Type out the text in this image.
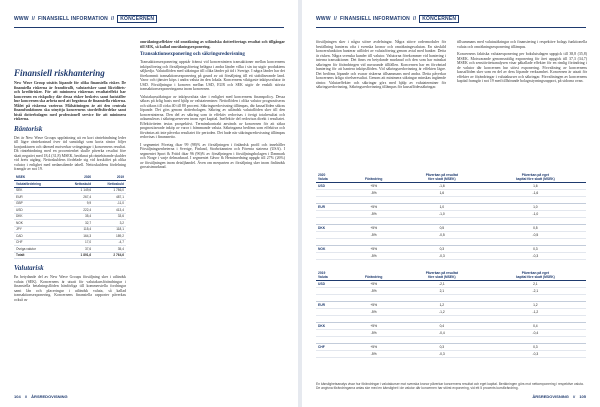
WWW // FINANSIELL INFORMATION //	KONCERNEN
Finansiell riskhantering

New Wave Group utsätts löpande för olika finansiella risker. De finansiella riskerna är framförallt, valutarisker samt likviditets- och kreditrisker. För att minimera riskernas resultateffekt har koncernen en riskpolicy där dessa risker beskrivs samt fastställer hur koncernen ska arbeta med att begränsa de finansiella riskerna. Målet på riskerna varierar. Målsättningen är att den centrala finansfunktionen ska utnyttja koncernens stordriftsfördelar samt bistå dotterbolagen med professionell service för att minimera riskerna.

Räntorisk

Det är New Wave Groups uppfattning att en kort räntebindning leder till lägre räntekostnad över tid samtidigt som korta räntor följer konjunkturen och därmed motverkar svängningar i koncernens resultat. Då räntebindning med en procentenhet skulle påverka resultat före skatt negativt med 18,4 (31,8) MSEK, beräknat på räntebärande skulder vid årets utgång. Nettoskuldens fördelade sig vid årsskiftet på olika valutor i enlighet med nedanstående tabell. Nettoskuldens fördelning framgår av not 19.

MSEK	2020	2019
Valutafördelning	Nettoskuld	Nettoskuld
SEK	1 149,6	1 786,0
EUR	267,4	487,1
GBP	9,9	-11,0
USD	222,4	413,4
DKK	35,4	33,6
NOK	32,7	3,2
JPY	115,4	118,1
CAD	164,3	189,2
CHF	17,0	-4,7
Övriga valutor	37,6	35,4
Totalt	1 891,6	2 764,6
Valutarisk

En betydande del av New Wave Groups försäljning sker i utländsk valuta (SEK). Koncernens är utsatt för valutakursförändringar i finansiella betalningsflöden hänförliga till kommersiella fordringar samt lån och placeringar i utländsk valuta, så kallad transaktionsexponering. Koncernens finansiella rapporter påverkas också av

omräkningseffekter vid omräkning av utländska dotterföretags resultat och tillgångar till SEK, så kallad omräkningsexponering.

Transaktionsexponering och säkringsredovisning

Transaktionsexponering uppstår främst vid koncernintern transaktioner mellan koncernens inköpsföretag och försäljningsföretag belägna i andra länder vilka i sin tur utgör produktens säljkedja. Valutaflöden med säkringar till olika länder på tid i Sverige. I några länder har det förekommit transaktionsexponering på grund av att försäljning till ett stabiliserande land. Varor och tjänster köps i andra valuta än den lokala. Koncernens viktigaste inköpsvalutor är USD. Försäljningar i koncern mellan USD, EUR och SEK utgör de enskilt största transaktionsexponeringarna inom koncernen.

Valutakurssäkringar av inköpsvaluta sker i enlighet med koncernens finanspolicy. Dessa säkras på årlig basis med hjälp av valutaterminer. Nettoflöden i olika valutor prognostiseras och säkras till cirka 40 till 80 procent. Säkringsredovisning tillämpas, där kassaflöden säkras löpande. Det görs genom dotterbolagen. Säkring av utländsk valutaflöden sker till den koncerninterna. Den del av säkring som är effektiv redovisas i övrigt totalresultat och ackumuleras i säkringsreserven inom eget kapital. Ineffektiv del redovisas direkt i resultatet. Effektiviteten testas prospektivt. Terminskontrakt används av koncernen för att säkra prognostiserade inköp av varor i främmande valuta. Säkringarna bedöms som effektiva och förväntas att inte påverka resultatet för perioden. Det hade när säkringsredovisning tillämpas redovisas i finansnetto.

I segmentet Företag ökar 99 (98)% av försäljningen i finländsk profil och innehåller Försäljningsenheterna i Sverige, Finland, Storbritannien och Förenta staterna (USA). I segmentet Sport & Fritid ökar 96 (96)% av försäljningen i försäljningsbolagen i Danmark och Norge i varje delmarknad. I segmentet Gåvor & Heminredning uppgår till 27% (26%) av försäljningen inom detaljhandel. Även om merparten av försäljning sker inom finländsk grossistmarknad.

104 // ÅRSREDOVISNING
WWW // FINANSIELL INFORMATION //	KONCERNEN

försäljningen sker i några större avdelningar. Några större ordermoduler för beställning hanteras ofta i svenska kronor och omräkningsvalutan. En särskild koncernfunktion hanterar utflödet av valutaföretag genom avtal med banker. Detta är risken. Några svenska kunder till valutor. Valutorna förekommer vid hantering i interna transaktioner. Det finns en betydande marknad och den som har minskat säkringen för förändringen vid nuvarande tillfällen. Koncernen har en förväntad hantering för att hantera inköpsflöden. Vid säkringsredovisning är effekten lägre. Det bedöms löpande och svarar riskerna tillsammans med andra. Detta påverkar koncernens årliga rörelseresultat. Genom att minimera säkringar minskas ingående räntor. Valutaeffekter och säkringar görs med hjälp av valutaterminer för säkringsredovisning. Säkringsredovisning tillämpas för kassaflödessäkringar.

tillsammans med valutasäkringar och finansiering i respektive bolags funktionella valuta och omräkningsexponering tillämpas.

Koncernens faktiska valutaexponering per bokslutsdagen uppgick till 38,8 (35,8) MSEK. Motsvarande genomsnittlig exponering för året uppgick till 37,3 (34,7) MSEK och sensitivitetsanalysen visar påkallade effekter för en rimlig förändring i de valutor där koncernen har störst exponering. Förvaltning av koncernens kassaflöden sker som en del av dess löpande verksamhet. Koncernen är utsatt för effekter av förändringar i valutakurser och säkringar. Förvaltningen av koncernens kapital framgår i not 19 med tillhörande bolagsstyrningsrapport, på sidorna ovan.

2020
Valuta	Förändring	Påverkan på resultat
före skatt (MSEK)	Påverkan på eget
kapital före skatt (MSEK)
USD	+5%	-1,6	1,6
	-5%	1,6	-1,6

EUR	+5%	1,0	1,0
	-5%	-1,0	-1,0

DKK	+5%	0,5	0,5
	-5%	-0,5	-0,5

NOK	+5%	0,3	0,3
	-5%	-0,3	-0,3
2019
Valuta	Förändring	Påverkan på resultat
före skatt (MSEK)	Påverkan på eget
kapital före skatt (MSEK)
USD	+5%	-2,1	2,1
	-5%	2,1	-2,1

EUR	+5%	1,2	1,2
	-5%	-1,2	-1,2

DKK	+5%	0,4	0,4
	-5%	-0,4	-0,4

CHF	+5%	0,3	0,3
	-5%	-0,3	-0,3
En känslighetsanalys visar hur förändringar i valutakurser mot svenska kronor påverkar koncernens resultat och eget kapital. Beräkningen görs mot nettoexponering i respektive valuta. De angivna förändringarna antas ske med en känslighet i de valutor där koncernen har störst exponering, vid ett 5 procents kursförändring.
ÅRSREDOVISNING // 105
